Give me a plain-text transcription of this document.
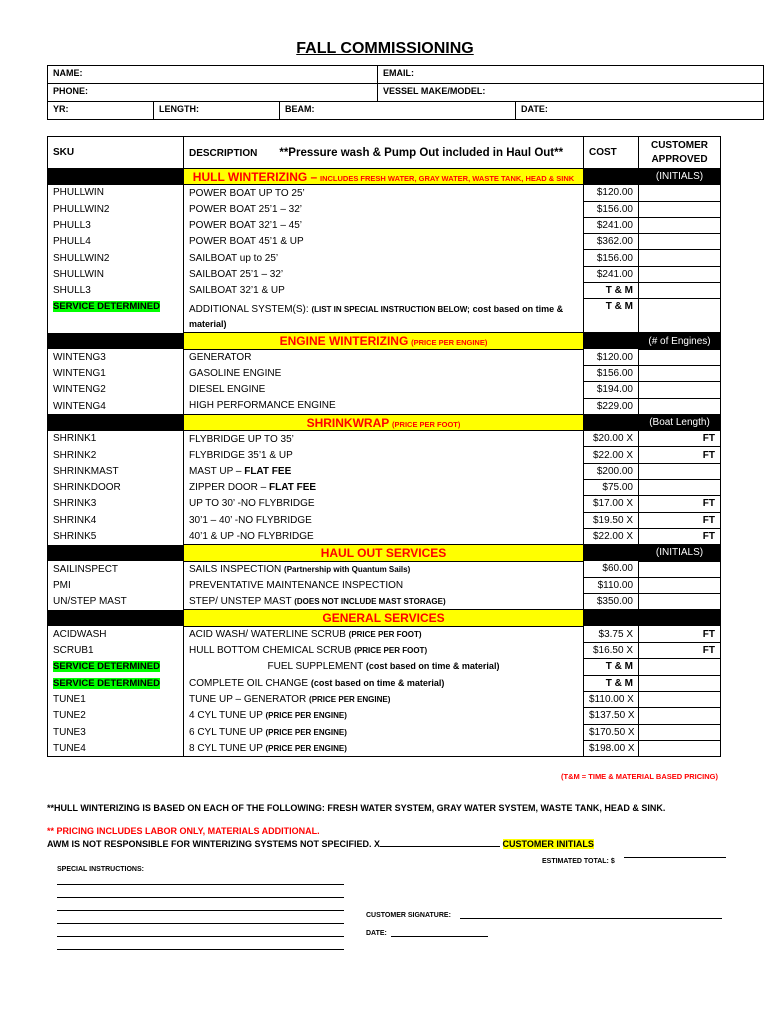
FALL COMMISSIONING
NAME:	EMAIL:
PHONE:	VESSEL MAKE/MODEL:
YR:	LENGTH:	BEAM:	DATE:
SKU	DESCRIPTION **Pressure wash & Pump Out included in Haul Out**	COST	CUSTOMER APPROVED
	HULL WINTERIZING – INCLUDES FRESH WATER, GRAY WATER, WASTE TANK, HEAD & SINK		(INITIALS)
PHULLWIN	POWER BOAT UP TO 25’	$120.00	
PHULLWIN2	POWER BOAT 25’1 – 32’	$156.00	
PHULL3	POWER BOAT 32’1 – 45’	$241.00	
PHULL4	POWER BOAT 45’1 & UP	$362.00	
SHULLWIN2	SAILBOAT up to 25’	$156.00	
SHULLWIN	SAILBOAT 25’1 – 32’	$241.00	
SHULL3	SAILBOAT 32’1 & UP	T & M	
SERVICE DETERMINED	ADDITIONAL SYSTEM(S): (LIST IN SPECIAL INSTRUCTION BELOW; cost based on time & material)	T & M	
	ENGINE WINTERIZING (PRICE PER ENGINE)		(# of Engines)
WINTENG3	GENERATOR	$120.00	
WINTENG1	GASOLINE ENGINE	$156.00	
WINTENG2	DIESEL ENGINE	$194.00	
WINTENG4	HIGH PERFORMANCE ENGINE	$229.00	
	SHRINKWRAP (PRICE PER FOOT)		(Boat Length)
SHRINK1	FLYBRIDGE UP TO 35’	$20.00 X	FT
SHRINK2	FLYBRIDGE 35’1 & UP	$22.00 X	FT
SHRINKMAST	MAST UP – FLAT FEE	$200.00	
SHRINKDOOR	ZIPPER DOOR – FLAT FEE	$75.00	
SHRINK3	UP TO 30’ -NO FLYBRIDGE	$17.00 X	FT
SHRINK4	30’1 – 40’ -NO FLYBRIDGE	$19.50 X	FT
SHRINK5	40’1 & UP -NO FLYBRIDGE	$22.00 X	FT
	HAUL OUT SERVICES		(INITIALS)
SAILINSPECT	SAILS INSPECTION (Partnership with Quantum Sails)	$60.00	
PMI	PREVENTATIVE MAINTENANCE INSPECTION	$110.00	
UN/STEP MAST	STEP/ UNSTEP MAST (DOES NOT INCLUDE MAST STORAGE)	$350.00	
	GENERAL SERVICES		
ACIDWASH	ACID WASH/ WATERLINE SCRUB (PRICE PER FOOT)	$3.75 X	FT
SCRUB1	HULL BOTTOM CHEMICAL SCRUB (PRICE PER FOOT)	$16.50 X	FT
SERVICE DETERMINED	FUEL SUPPLEMENT (cost based on time & material)	T & M	
SERVICE DETERMINED	COMPLETE OIL CHANGE (cost based on time & material)	T & M	
TUNE1	TUNE UP – GENERATOR (PRICE PER ENGINE)	$110.00 X	
TUNE2	4 CYL TUNE UP (PRICE PER ENGINE)	$137.50 X	
TUNE3	6 CYL TUNE UP (PRICE PER ENGINE)	$170.50 X	
TUNE4	8 CYL TUNE UP (PRICE PER ENGINE)	$198.00 X	
(T&M = TIME & MATERIAL BASED PRICING)
**HULL WINTERIZING IS BASED ON EACH OF THE FOLLOWING: FRESH WATER SYSTEM, GRAY WATER SYSTEM, WASTE TANK, HEAD & SINK.
** PRICING INCLUDES LABOR ONLY, MATERIALS ADDITIONAL.
AWM IS NOT RESPONSIBLE FOR WINTERIZING SYSTEMS NOT SPECIFIED. X	CUSTOMER INITIALS
ESTIMATED TOTAL: $
SPECIAL INSTRUCTIONS:
CUSTOMER SIGNATURE:
DATE:
